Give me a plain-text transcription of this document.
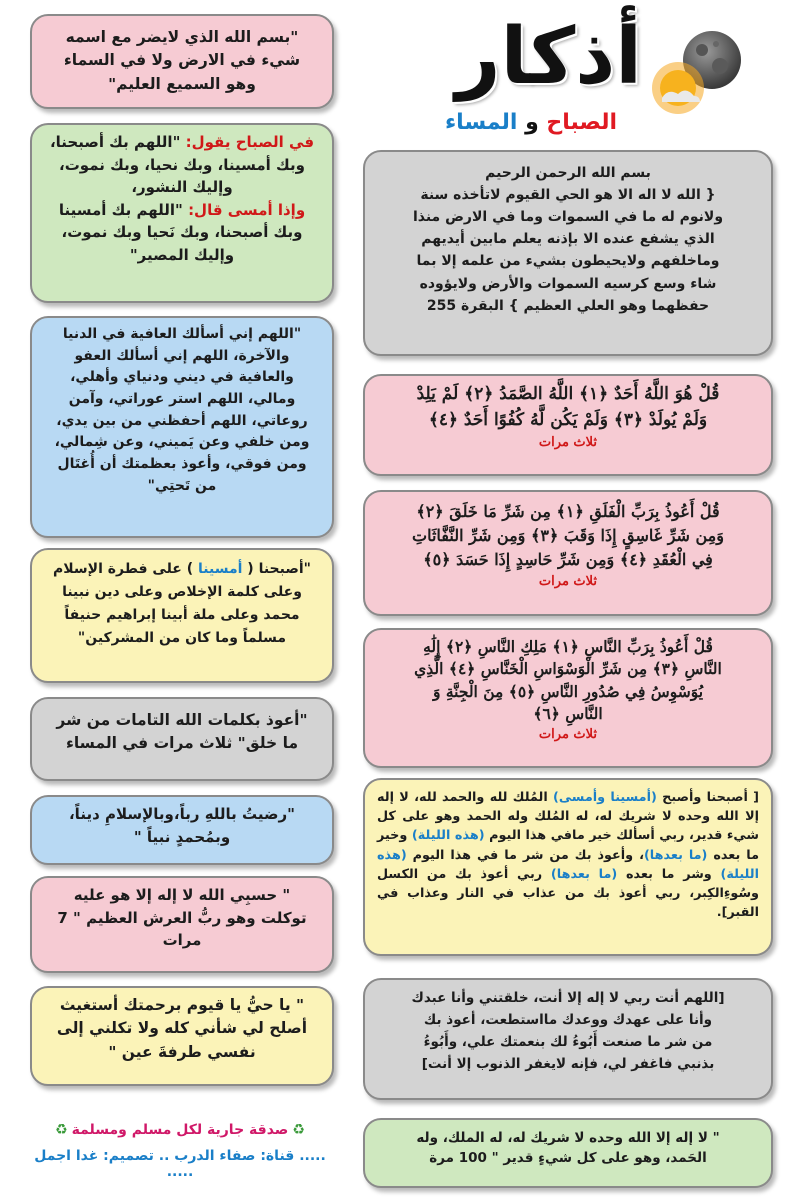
أذكار
الصباح و المساء
"بسم الله الذي لايضر مع اسمه
شيء في الارض ولا في السماء
وهو السميع العليم"
في الصباح يقول: "اللهم بك أصبحنا،
وبك أمسينا، وبك نحيا، وبك نموت،
وإليك النشور،
وإذا أمسى قال: "اللهم بك أمسينا
وبك أصبحنا، وبك نَحيا وبك نموت،
وإليك المصير"
"اللهم إني أسألك العافية في الدنيا
والآخرة، اللهم إني أسألك العفو
والعافية في ديني ودنياي وأهلي،
ومالي، اللهم استر عوراتي، وآمن
روعاتي، اللهم أحفظني من بين يدي،
ومن خلفي وعن يَميني، وعن شِمالي،
ومن فوقي، وأعوذ بعظمتك أن أُغتَال
من تَحتِي"
"أصبحنا ( أمسينا ) على فطرة الإسلام
وعلى كلمة الإخلاص وعلى دين نبينا
محمد وعلى ملة أبينا إبراهيم حنيفاً
مسلماً وما كان من المشركين"
"أعوذ بكلمات الله التامات من شر
ما خلق" ثلاث مرات في المساء
"رضيتُ باللهِ رباً،وبالإسلامِ ديناً،
وبمُحمدٍ نبياً "
" حسبِي الله لا إله إلا هو عليه
توكلت وهو ربُّ العرش العظيم " 7
مرات
" يا حيُّ يا قيوم برحمتك أستغيث
أصلح لي شأني كله ولا تكلني إلى
نفسي طرفةَ عين "
♻صدقة جارية لكل مسلم ومسلمة♻
..... قناة: صفاء الدرب .. تصميم: غدا اجمل .....
بسم الله الرحمن الرحيم
{ الله لا اله الا هو الحي القيوم لاتأخذه سنة
ولانوم له ما في السموات وما في الارض منذا
الذي يشفع عنده الا بإذنه يعلم مابين أيديهم
وماخلفهم ولايحيطون بشيء من علمه إلا بما
شاء وسع كرسيه السموات والأرض ولايؤوده
حفظهما وهو العلي العظيم } البقرة 255
قُلْ هُوَ اللَّهُ أَحَدٌ ﴿١﴾ اللَّهُ الصَّمَدُ ﴿٢﴾ لَمْ يَلِدْ
وَلَمْ يُولَدْ ﴿٣﴾ وَلَمْ يَكُن لَّهُ كُفُوًا أَحَدٌ ﴿٤﴾
ثلاث مرات
قُلْ أَعُوذُ بِرَبِّ الْفَلَقِ ﴿١﴾ مِن شَرِّ مَا خَلَقَ ﴿٢﴾
وَمِن شَرِّ غَاسِقٍ إِذَا وَقَبَ ﴿٣﴾ وَمِن شَرِّ النَّفَّاثَاتِ
فِي الْعُقَدِ ﴿٤﴾ وَمِن شَرِّ حَاسِدٍ إِذَا حَسَدَ ﴿٥﴾
ثلاث مرات
قُلْ أَعُوذُ بِرَبِّ النَّاسِ ﴿١﴾ مَلِكِ النَّاسِ ﴿٢﴾ إِلَٰهِ
النَّاسِ ﴿٣﴾ مِن شَرِّ الْوَسْوَاسِ الْخَنَّاسِ ﴿٤﴾ الَّذِي
يُوَسْوِسُ فِي صُدُورِ النَّاسِ ﴿٥﴾ مِنَ الْجِنَّةِ وَ
النَّاسِ ﴿٦﴾
ثلاث مرات
[ أصبحنا وأصبح (أمسينا وأمسى) المُلك لله والحمد لله، لا إله إلا الله وحده لا شريك له، له المُلك وله الحمد وهو على كل شيء قدير، ربي أسألك خير مافي هذا اليوم (هذه الليلة) وخير ما بعده (ما بعدها)، وأعوذ بك من شر ما في هذا اليوم (هذه الليلة) وشر ما بعده (ما بعدها) ربي أعوذ بك من الكسل وسُوءِالكِبر، ربي أعوذ بك من عذاب في النار وعذاب في القبر].
[اللهم أنت ربي لا إله إلا أنت، خلقتني وأنا عبدك
وأنا على عهدك ووعدك مااستطعت، أعوذ بك
من شر ما صنعت أَبُوءُ لك بنعمتك علي، وأَبُوءُ
بذنبي فاغفر لي، فإنه لايغفر الذنوب إلا أنت]
" لا إله إلا الله وحده لا شريك له، له الملك، وله
الحَمد، وهو على كل شيءٍ قدير " 100 مرة
